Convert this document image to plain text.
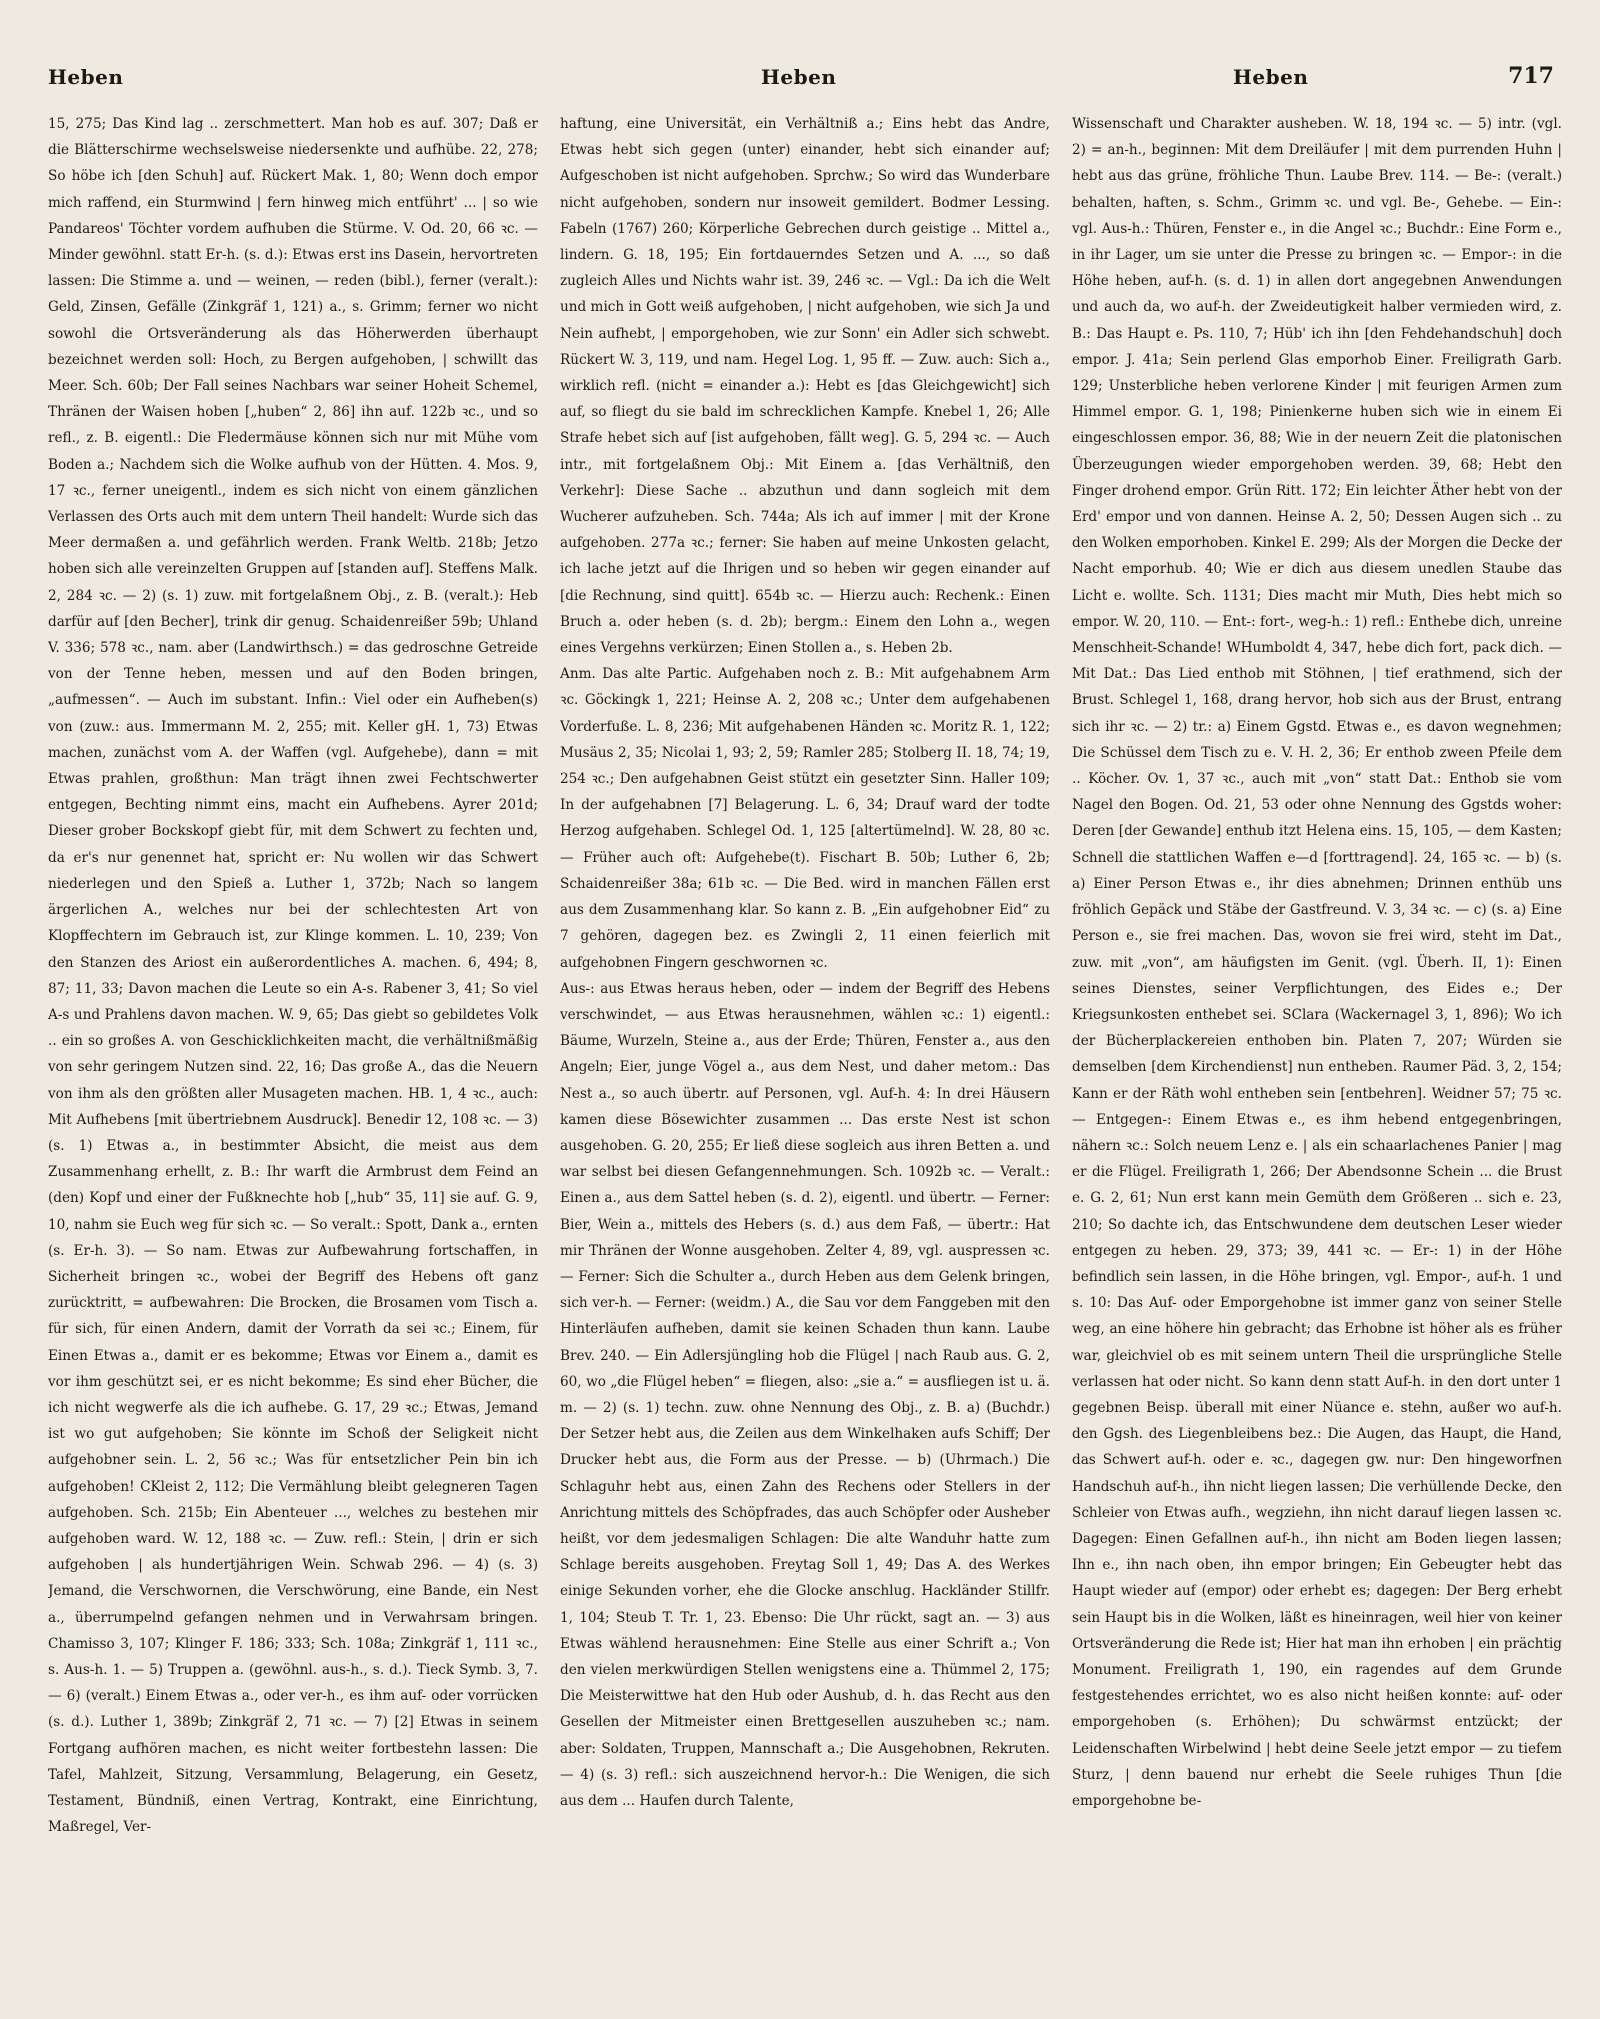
Heben	Heben	Heben	717

15, 275; Das Kind lag .. zerschmettert. Man hob es auf. 307; Daß er die Blätterschirme wechselsweise niedersenkte und aufhübe. 22, 278; So höbe ich [den Schuh] auf. Rückert Mak. 1, 80; Wenn doch empor mich raffend, ein Sturmwind | fern hinweg mich entführt' ... | so wie Pandareos' Töchter vordem aufhuben die Stürme. V. Od. 20, 66 ꝛc. — Minder gewöhnl. statt Er-h. (s. d.): Etwas erst ins Dasein, hervortreten lassen: Die Stimme a. und — weinen, — reden (bibl.), ferner (veralt.): Geld, Zinsen, Gefälle (Zinkgräf 1, 121) a., s. Grimm; ferner wo nicht sowohl die Ortsveränderung als das Höherwerden überhaupt bezeichnet werden soll: Hoch, zu Bergen aufgehoben, | schwillt das Meer. Sch. 60b; Der Fall seines Nachbars war seiner Hoheit Schemel, Thränen der Waisen hoben [„huben“ 2, 86] ihn auf. 122b ꝛc., und so refl., z. B. eigentl.: Die Fledermäuse können sich nur mit Mühe vom Boden a.; Nachdem sich die Wolke aufhub von der Hütten. 4. Mos. 9, 17 ꝛc., ferner uneigentl., indem es sich nicht von einem gänzlichen Verlassen des Orts auch mit dem untern Theil handelt: Wurde sich das Meer dermaßen a. und gefährlich werden. Frank Weltb. 218b; Jetzo hoben sich alle vereinzelten Gruppen auf [standen auf]. Steffens Malk. 2, 284 ꝛc. — 2) (s. 1) zuw. mit fortgelaßnem Obj., z. B. (veralt.): Heb darfür auf [den Becher], trink dir genug. Schaidenreißer 59b; Uhland V. 336; 578 ꝛc., nam. aber (Landwirthsch.) = das gedroschne Getreide von der Tenne heben, messen und auf den Boden bringen, „aufmessen“. — Auch im substant. Infin.: Viel oder ein Aufheben(s) von (zuw.: aus. Immermann M. 2, 255; mit. Keller gH. 1, 73) Etwas machen, zunächst vom A. der Waffen (vgl. Aufgehebe), dann = mit Etwas prahlen, großthun: Man trägt ihnen zwei Fechtschwerter entgegen, Bechting nimmt eins, macht ein Aufhebens. Ayrer 201d; Dieser grober Bockskopf giebt für, mit dem Schwert zu fechten und, da er's nur genennet hat, spricht er: Nu wollen wir das Schwert niederlegen und den Spieß a. Luther 1, 372b; Nach so langem ärgerlichen A., welches nur bei der schlechtesten Art von Klopffechtern im Gebrauch ist, zur Klinge kommen. L. 10, 239; Von den Stanzen des Ariost ein außerordentliches A. machen. 6, 494; 8, 87; 11, 33; Davon machen die Leute so ein A-s. Rabener 3, 41; So viel A-s und Prahlens davon machen. W. 9, 65; Das giebt so gebildetes Volk .. ein so großes A. von Geschicklichkeiten macht, die verhältnißmäßig von sehr geringem Nutzen sind. 22, 16; Das große A., das die Neuern von ihm als den größten aller Musageten machen. HB. 1, 4 ꝛc., auch: Mit Aufhebens [mit übertriebnem Ausdruck]. Benedir 12, 108 ꝛc. — 3) (s. 1) Etwas a., in bestimmter Absicht, die meist aus dem Zusammenhang erhellt, z. B.: Ihr warft die Armbrust dem Feind an (den) Kopf und einer der Fußknechte hob [„hub“ 35, 11] sie auf. G. 9, 10, nahm sie Euch weg für sich ꝛc. — So veralt.: Spott, Dank a., ernten (s. Er-h. 3). — So nam. Etwas zur Aufbewahrung fortschaffen, in Sicherheit bringen ꝛc., wobei der Begriff des Hebens oft ganz zurücktritt, = aufbewahren: Die Brocken, die Brosamen vom Tisch a. für sich, für einen Andern, damit der Vorrath da sei ꝛc.; Einem, für Einen Etwas a., damit er es bekomme; Etwas vor Einem a., damit es vor ihm geschützt sei, er es nicht bekomme; Es sind eher Bücher, die ich nicht wegwerfe als die ich aufhebe. G. 17, 29 ꝛc.; Etwas, Jemand ist wo gut aufgehoben; Sie könnte im Schoß der Seligkeit nicht aufgehobner sein. L. 2, 56 ꝛc.; Was für entsetzlicher Pein bin ich aufgehoben! CKleist 2, 112; Die Vermählung bleibt gelegneren Tagen aufgehoben. Sch. 215b; Ein Abenteuer ..., welches zu bestehen mir aufgehoben ward. W. 12, 188 ꝛc. — Zuw. refl.: Stein, | drin er sich aufgehoben | als hundertjährigen Wein. Schwab 296. — 4) (s. 3) Jemand, die Verschwornen, die Verschwörung, eine Bande, ein Nest a., überrumpelnd gefangen nehmen und in Verwahrsam bringen. Chamisso 3, 107; Klinger F. 186; 333; Sch. 108a; Zinkgräf 1, 111 ꝛc., s. Aus-h. 1. — 5) Truppen a. (gewöhnl. aus-h., s. d.). Tieck Symb. 3, 7. — 6) (veralt.) Einem Etwas a., oder ver-h., es ihm auf- oder vorrücken (s. d.). Luther 1, 389b; Zinkgräf 2, 71 ꝛc. — 7) [2] Etwas in seinem Fortgang aufhören machen, es nicht weiter fortbestehn lassen: Die Tafel, Mahlzeit, Sitzung, Versammlung, Belagerung, ein Gesetz, Testament, Bündniß, einen Vertrag, Kontrakt, eine Einrichtung, Maßregel, Ver-

haftung, eine Universität, ein Verhältniß a.; Eins hebt das Andre, Etwas hebt sich gegen (unter) einander, hebt sich einander auf; Aufgeschoben ist nicht aufgehoben. Sprchw.; So wird das Wunderbare nicht aufgehoben, sondern nur insoweit gemildert. Bodmer Lessing. Fabeln (1767) 260; Körperliche Gebrechen durch geistige .. Mittel a., lindern. G. 18, 195; Ein fortdauerndes Setzen und A. ..., so daß zugleich Alles und Nichts wahr ist. 39, 246 ꝛc. — Vgl.: Da ich die Welt und mich in Gott weiß aufgehoben, | nicht aufgehoben, wie sich Ja und Nein aufhebt, | emporgehoben, wie zur Sonn' ein Adler sich schwebt. Rückert W. 3, 119, und nam. Hegel Log. 1, 95 ff. — Zuw. auch: Sich a., wirklich refl. (nicht = einander a.): Hebt es [das Gleichgewicht] sich auf, so fliegt du sie bald im schrecklichen Kampfe. Knebel 1, 26; Alle Strafe hebet sich auf [ist aufgehoben, fällt weg]. G. 5, 294 ꝛc. — Auch intr., mit fortgelaßnem Obj.: Mit Einem a. [das Verhältniß, den Verkehr]: Diese Sache .. abzuthun und dann sogleich mit dem Wucherer aufzuheben. Sch. 744a; Als ich auf immer | mit der Krone aufgehoben. 277a ꝛc.; ferner: Sie haben auf meine Unkosten gelacht, ich lache jetzt auf die Ihrigen und so heben wir gegen einander auf [die Rechnung, sind quitt]. 654b ꝛc. — Hierzu auch: Rechenk.: Einen Bruch a. oder heben (s. d. 2b); bergm.: Einem den Lohn a., wegen eines Vergehns verkürzen; Einen Stollen a., s. Heben 2b.

Anm. Das alte Partic. Aufgehaben noch z. B.: Mit aufgehabnem Arm ꝛc. Göckingk 1, 221; Heinse A. 2, 208 ꝛc.; Unter dem aufgehabenen Vorderfuße. L. 8, 236; Mit aufgehabenen Händen ꝛc. Moritz R. 1, 122; Musäus 2, 35; Nicolai 1, 93; 2, 59; Ramler 285; Stolberg II. 18, 74; 19, 254 ꝛc.; Den aufgehabnen Geist stützt ein gesetzter Sinn. Haller 109; In der aufgehabnen [7] Belagerung. L. 6, 34; Drauf ward der todte Herzog aufgehaben. Schlegel Od. 1, 125 [altertümelnd]. W. 28, 80 ꝛc. — Früher auch oft: Aufgehebe(t). Fischart B. 50b; Luther 6, 2b; Schaidenreißer 38a; 61b ꝛc. — Die Bed. wird in manchen Fällen erst aus dem Zusammenhang klar. So kann z. B. „Ein aufgehobner Eid“ zu 7 gehören, dagegen bez. es Zwingli 2, 11 einen feierlich mit aufgehobnen Fingern geschwornen ꝛc.

Aus-: aus Etwas heraus heben, oder — indem der Begriff des Hebens verschwindet, — aus Etwas herausnehmen, wählen ꝛc.: 1) eigentl.: Bäume, Wurzeln, Steine a., aus der Erde; Thüren, Fenster a., aus den Angeln; Eier, junge Vögel a., aus dem Nest, und daher metom.: Das Nest a., so auch übertr. auf Personen, vgl. Auf-h. 4: In drei Häusern kamen diese Bösewichter zusammen ... Das erste Nest ist schon ausgehoben. G. 20, 255; Er ließ diese sogleich aus ihren Betten a. und war selbst bei diesen Gefangennehmungen. Sch. 1092b ꝛc. — Veralt.: Einen a., aus dem Sattel heben (s. d. 2), eigentl. und übertr. — Ferner: Bier, Wein a., mittels des Hebers (s. d.) aus dem Faß, — übertr.: Hat mir Thränen der Wonne ausgehoben. Zelter 4, 89, vgl. auspressen ꝛc. — Ferner: Sich die Schulter a., durch Heben aus dem Gelenk bringen, sich ver-h. — Ferner: (weidm.) A., die Sau vor dem Fanggeben mit den Hinterläufen aufheben, damit sie keinen Schaden thun kann. Laube Brev. 240. — Ein Adlersjüngling hob die Flügel | nach Raub aus. G. 2, 60, wo „die Flügel heben“ = fliegen, also: „sie a.“ = ausfliegen ist u. ä. m. — 2) (s. 1) techn. zuw. ohne Nennung des Obj., z. B. a) (Buchdr.) Der Setzer hebt aus, die Zeilen aus dem Winkelhaken aufs Schiff; Der Drucker hebt aus, die Form aus der Presse. — b) (Uhrmach.) Die Schlaguhr hebt aus, einen Zahn des Rechens oder Stellers in der Anrichtung mittels des Schöpfrades, das auch Schöpfer oder Ausheber heißt, vor dem jedesmaligen Schlagen: Die alte Wanduhr hatte zum Schlage bereits ausgehoben. Freytag Soll 1, 49; Das A. des Werkes einige Sekunden vorher, ehe die Glocke anschlug. Hackländer Stillfr. 1, 104; Steub T. Tr. 1, 23. Ebenso: Die Uhr rückt, sagt an. — 3) aus Etwas wählend herausnehmen: Eine Stelle aus einer Schrift a.; Von den vielen merkwürdigen Stellen wenigstens eine a. Thümmel 2, 175; Die Meisterwittwe hat den Hub oder Aushub, d. h. das Recht aus den Gesellen der Mitmeister einen Brettgesellen auszuheben ꝛc.; nam. aber: Soldaten, Truppen, Mannschaft a.; Die Ausgehobnen, Rekruten. — 4) (s. 3) refl.: sich auszeichnend hervor-h.: Die Wenigen, die sich aus dem ... Haufen durch Talente,

Wissenschaft und Charakter ausheben. W. 18, 194 ꝛc. — 5) intr. (vgl. 2) = an-h., beginnen: Mit dem Dreiläufer | mit dem purrenden Huhn | hebt aus das grüne, fröhliche Thun. Laube Brev. 114. — Be-: (veralt.) behalten, haften, s. Schm., Grimm ꝛc. und vgl. Be-, Gehebe. — Ein-: vgl. Aus-h.: Thüren, Fenster e., in die Angel ꝛc.; Buchdr.: Eine Form e., in ihr Lager, um sie unter die Presse zu bringen ꝛc. — Empor-: in die Höhe heben, auf-h. (s. d. 1) in allen dort angegebnen Anwendungen und auch da, wo auf-h. der Zweideutigkeit halber vermieden wird, z. B.: Das Haupt e. Ps. 110, 7; Hüb' ich ihn [den Fehdehandschuh] doch empor. J. 41a; Sein perlend Glas emporhob Einer. Freiligrath Garb. 129; Unsterbliche heben verlorene Kinder | mit feurigen Armen zum Himmel empor. G. 1, 198; Pinienkerne huben sich wie in einem Ei eingeschlossen empor. 36, 88; Wie in der neuern Zeit die platonischen Überzeugungen wieder emporgehoben werden. 39, 68; Hebt den Finger drohend empor. Grün Ritt. 172; Ein leichter Äther hebt von der Erd' empor und von dannen. Heinse A. 2, 50; Dessen Augen sich .. zu den Wolken emporhoben. Kinkel E. 299; Als der Morgen die Decke der Nacht emporhub. 40; Wie er dich aus diesem unedlen Staube das Licht e. wollte. Sch. 1131; Dies macht mir Muth, Dies hebt mich so empor. W. 20, 110. — Ent-: fort-, weg-h.: 1) refl.: Enthebe dich, unreine Menschheit-Schande! WHumboldt 4, 347, hebe dich fort, pack dich. — Mit Dat.: Das Lied enthob mit Stöhnen, | tief erathmend, sich der Brust. Schlegel 1, 168, drang hervor, hob sich aus der Brust, entrang sich ihr ꝛc. — 2) tr.: a) Einem Ggstd. Etwas e., es davon wegnehmen; Die Schüssel dem Tisch zu e. V. H. 2, 36; Er enthob zween Pfeile dem .. Köcher. Ov. 1, 37 ꝛc., auch mit „von“ statt Dat.: Enthob sie vom Nagel den Bogen. Od. 21, 53 oder ohne Nennung des Ggstds woher: Deren [der Gewande] enthub itzt Helena eins. 15, 105, — dem Kasten; Schnell die stattlichen Waffen e—d [forttragend]. 24, 165 ꝛc. — b) (s. a) Einer Person Etwas e., ihr dies abnehmen; Drinnen enthüb uns fröhlich Gepäck und Stäbe der Gastfreund. V. 3, 34 ꝛc. — c) (s. a) Eine Person e., sie frei machen. Das, wovon sie frei wird, steht im Dat., zuw. mit „von“, am häufigsten im Genit. (vgl. Überh. II, 1): Einen seines Dienstes, seiner Verpflichtungen, des Eides e.; Der Kriegsunkosten enthebet sei. SClara (Wackernagel 3, 1, 896); Wo ich der Bücherplackereien enthoben bin. Platen 7, 207; Würden sie demselben [dem Kirchendienst] nun entheben. Raumer Päd. 3, 2, 154; Kann er der Räth wohl entheben sein [entbehren]. Weidner 57; 75 ꝛc. — Entgegen-: Einem Etwas e., es ihm hebend entgegenbringen, nähern ꝛc.: Solch neuem Lenz e. | als ein schaarlachenes Panier | mag er die Flügel. Freiligrath 1, 266; Der Abendsonne Schein ... die Brust e. G. 2, 61; Nun erst kann mein Gemüth dem Größeren .. sich e. 23, 210; So dachte ich, das Entschwundene dem deutschen Leser wieder entgegen zu heben. 29, 373; 39, 441 ꝛc. — Er-: 1) in der Höhe befindlich sein lassen, in die Höhe bringen, vgl. Empor-, auf-h. 1 und s. 10: Das Auf- oder Emporgehobne ist immer ganz von seiner Stelle weg, an eine höhere hin gebracht; das Erhobne ist höher als es früher war, gleichviel ob es mit seinem untern Theil die ursprüngliche Stelle verlassen hat oder nicht. So kann denn statt Auf-h. in den dort unter 1 gegebnen Beisp. überall mit einer Nüance e. stehn, außer wo auf-h. den Ggsh. des Liegenbleibens bez.: Die Augen, das Haupt, die Hand, das Schwert auf-h. oder e. ꝛc., dagegen gw. nur: Den hingeworfnen Handschuh auf-h., ihn nicht liegen lassen; Die verhüllende Decke, den Schleier von Etwas aufh., wegziehn, ihn nicht darauf liegen lassen ꝛc. Dagegen: Einen Gefallnen auf-h., ihn nicht am Boden liegen lassen; Ihn e., ihn nach oben, ihn empor bringen; Ein Gebeugter hebt das Haupt wieder auf (empor) oder erhebt es; dagegen: Der Berg erhebt sein Haupt bis in die Wolken, läßt es hineinragen, weil hier von keiner Ortsveränderung die Rede ist; Hier hat man ihn erhoben | ein prächtig Monument. Freiligrath 1, 190, ein ragendes auf dem Grunde festgestehendes errichtet, wo es also nicht heißen konnte: auf- oder emporgehoben (s. Erhöhen); Du schwärmst entzückt; der Leidenschaften Wirbelwind | hebt deine Seele jetzt empor — zu tiefem Sturz, | denn bauend nur erhebt die Seele ruhiges Thun [die emporgehobne be-
